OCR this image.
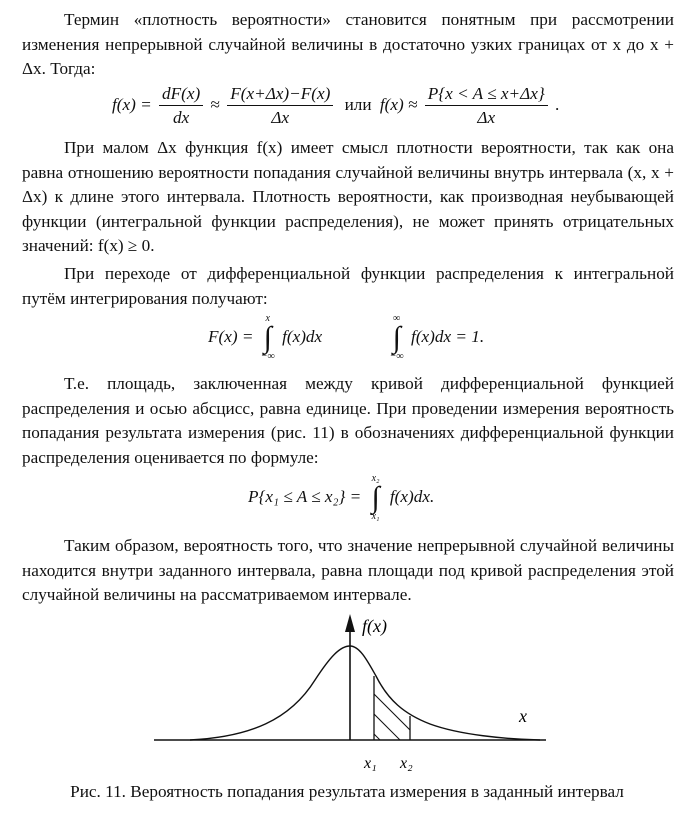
Термин «плотность вероятности» становится понятным при рассмотрении изменения непрерывной случайной величины в достаточно узких границах от x до x + Δx. Тогда:

$f(x) = \frac{dF(x)}{dx} \approx \frac{F(x+\Delta x)-F(x)}{\Delta x}$ или $f(x) \approx \frac{P\{x < A \le x+\Delta x\}}{\Delta x}$ .

При малом Δx функция f(x) имеет смысл плотности вероятности, так как она равна отношению вероятности попадания случайной величины внутрь интервала (x, x + Δx) к длине этого интервала. Плотность вероятности, как производная неубывающей функции (интегральной функции распределения), не может принять отрицательных значений: f(x) ≥ 0.

При переходе от дифференциальной функции распределения к интегральной путём интегрирования получают:

F(x) =
x
∫
−∞
f(x)dx
∞
∫
−∞
f(x)dx = 1.

Т.е. площадь, заключенная между кривой дифференциальной функцией распределения и осью абсцисс, равна единице. При проведении измерения вероятность попадания результата измерения (рис. 11) в обозначениях дифференциальной функции распределения оценивается по формуле:

P{x₁ ≤ A ≤ x₂} =
x₂
∫
x₁
f(x)dx.

Таким образом, вероятность того, что значение непрерывной случайной величины находится внутри заданного интервала, равна площади под кривой распределения этой случайной величины на рассматриваемом интервале.

f(x)
x
x₁ x₂
Рис. 11. Вероятность попадания результата измерения в заданный интервал
